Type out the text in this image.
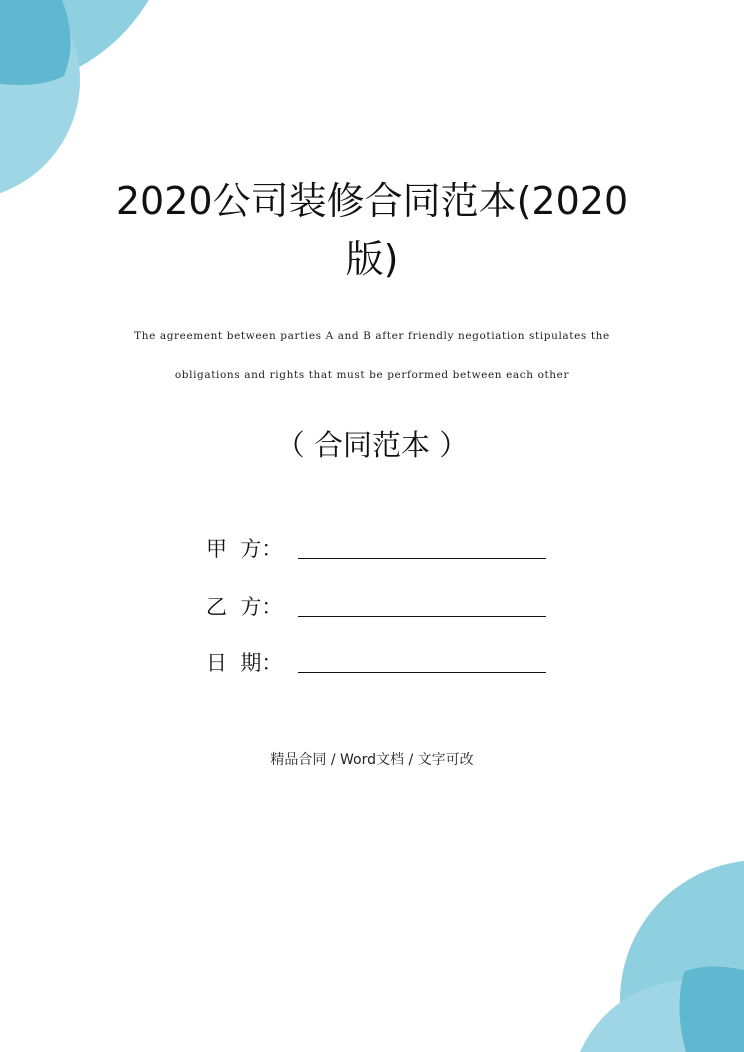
2020公司装修合同范本(2020
版)
The agreement between parties A and B after friendly negotiation stipulates the
obligations and rights that must be performed between each other
（ 合同范本 ）
甲  方：
乙  方：
日  期：
精品合同 / Word文档 / 文字可改
